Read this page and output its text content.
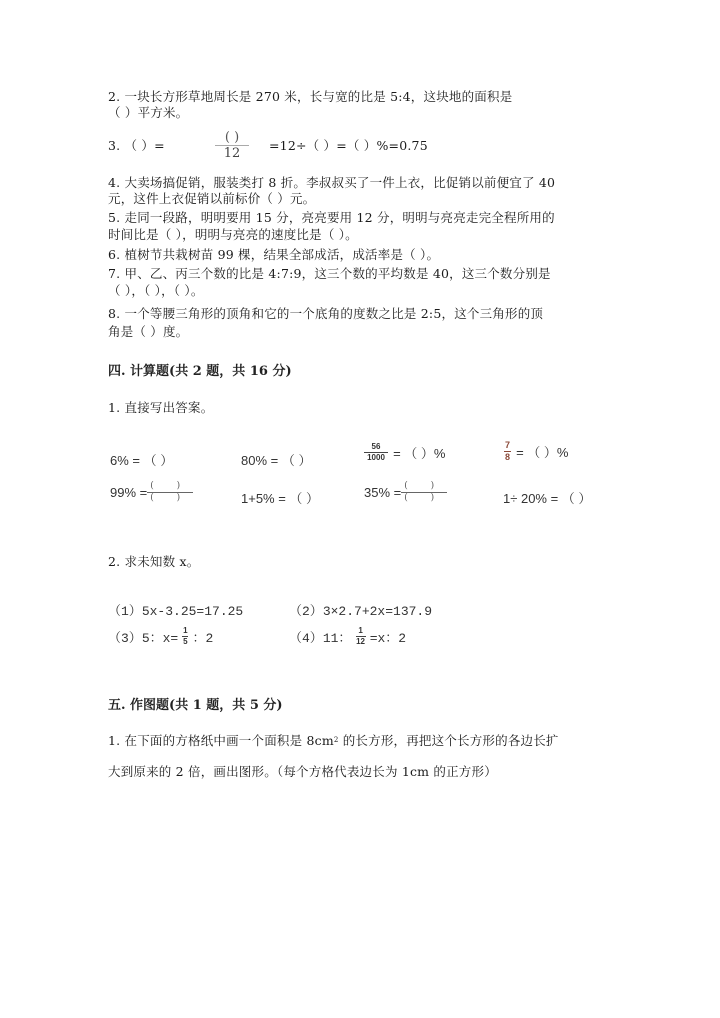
2. 一块长方形草地周长是 270 米，长与宽的比是 5:4，这块地的面积是
（ ）平方米。
3. （ ）=
( )
12
=12÷（ ）=（ ）%=0.75
4. 大卖场搞促销，服装类打 8 折。李叔叔买了一件上衣，比促销以前便宜了 40
元，这件上衣促销以前标价（ ）元。
5. 走同一段路，明明要用 15 分，亮亮要用 12 分，明明与亮亮走完全程所用的
时间比是（ ），明明与亮亮的速度比是（ ）。
6. 植树节共栽树苗 99 棵，结果全部成活，成活率是（ ）。
7. 甲、乙、丙三个数的比是 4:7:9，这三个数的平均数是 40，这三个数分别是
（ ），（ ），（ ）。
8. 一个等腰三角形的顶角和它的一个底角的度数之比是 2:5，这个三角形的顶
角是（ ）度。
四. 计算题(共 2 题，共 16 分)
1. 直接写出答案。
6% = （ ）	80% = （ ）	$\frac{56}{1000}$ = （ ）%	$\frac{7}{8}$ = （ ）%
$99\% = \frac{( )}{( )}$	1+5% = （ ）	$35\% = \frac{( )}{( )}$	1÷ 20% = （ ）
2. 求未知数 x。
（1）5x-3.25=17.25	（2）3×2.7+2x=137.9
（3）5：$x= \frac{1}{5}$ ：2	（4）11： $\frac{1}{12} =x$：2
五. 作图题(共 1 题，共 5 分)
1. 在下面的方格纸中画一个面积是 $8cm^2$ 的长方形，再把这个长方形的各边长扩
大到原来的 2 倍，画出图形。（每个方格代表边长为 1cm 的正方形）
